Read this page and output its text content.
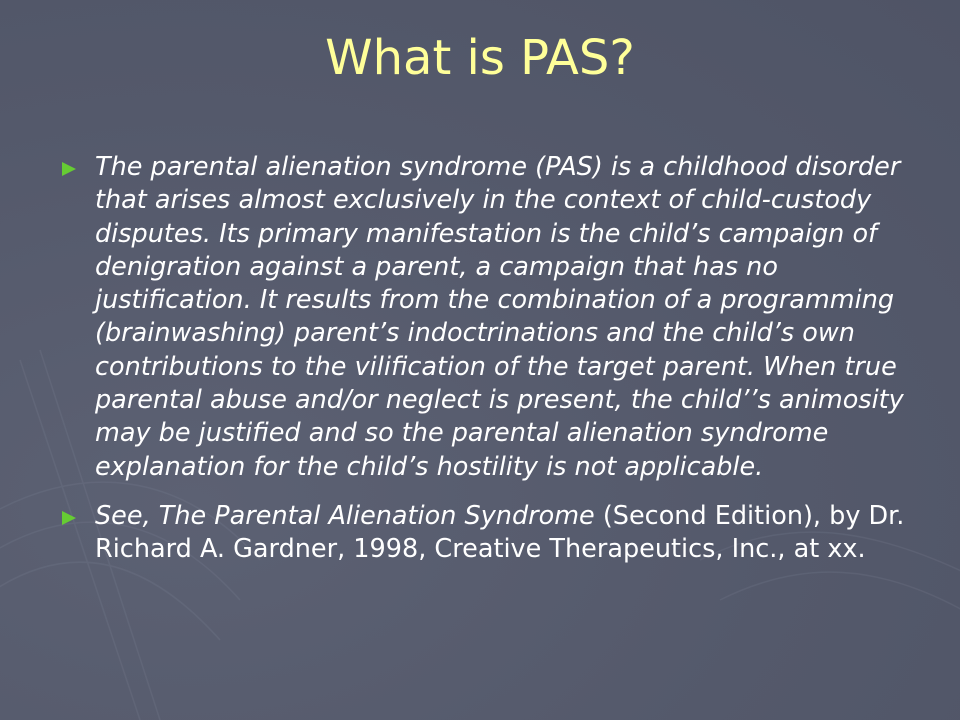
What is PAS?
The parental alienation syndrome (PAS) is a childhood disorder that arises almost exclusively in the context of child-custody disputes. Its primary manifestation is the child’s campaign of denigration against a parent, a campaign that has no justification. It results from the combination of a programming (brainwashing) parent’s indoctrinations and the child’s own contributions to the vilification of the target parent. When true parental abuse and/or neglect is present, the child’’s animosity may be justified and so the parental alienation syndrome explanation for the child’s hostility is not applicable.
See, The Parental Alienation Syndrome (Second Edition), by Dr. Richard A. Gardner, 1998, Creative Therapeutics, Inc., at xx.
